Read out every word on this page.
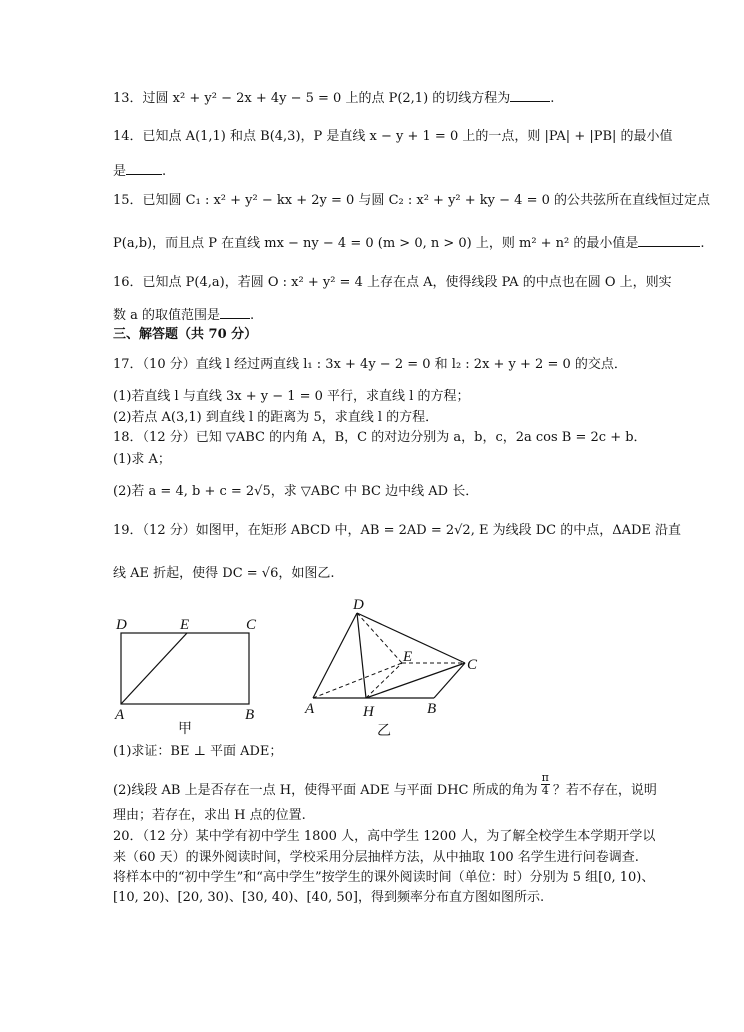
13．过圆 x² + y² − 2x + 4y − 5 = 0 上的点 P(2,1) 的切线方程为	.
14．已知点 A(1,1) 和点 B(4,3)，P 是直线 x − y + 1 = 0 上的一点，则 |PA| + |PB| 的最小值
是	.
15．已知圆 C₁ : x² + y² − kx + 2y = 0 与圆 C₂ : x² + y² + ky − 4 = 0 的公共弦所在直线恒过定点
P(a,b)，而且点 P 在直线 mx − ny − 4 = 0 (m > 0, n > 0) 上，则 m² + n² 的最小值是	.
16．已知点 P(4,a)，若圆 O : x² + y² = 4 上存在点 A，使得线段 PA 的中点也在圆 O 上，则实
数 a 的取值范围是 .
三、解答题（共 70 分）
17．（10 分）直线 l 经过两直线 l₁ : 3x + 4y − 2 = 0 和 l₂ : 2x + y + 2 = 0 的交点．
(1)若直线 l 与直线 3x + y − 1 = 0 平行，求直线 l 的方程；
(2)若点 A(3,1) 到直线 l 的距离为 5，求直线 l 的方程．
18．（12 分）已知 ▽ABC 的内角 A，B，C 的对边分别为 a，b，c，2a cos B = 2c + b．
(1)求 A；
(2)若 a = 4, b + c = 2√5，求 ▽ABC 中 BC 边中线 AD 长．
19．（12 分）如图甲，在矩形 ABCD 中，AB = 2AD = 2√2, E 为线段 DC 的中点，ΔADE 沿直
线 AE 折起，使得 DC = √6，如图乙.
D	E	C
A	B
甲
D
E	C
A	H	B
乙
(1)求证：BE ⊥ 平面 ADE；
(2)线段 AB 上是否存在一点 H，使得平面 ADE 与平面 DHC 所成的角为 $\frac{\pi}{4}$ ？若不存在，说明
理由；若存在，求出 H 点的位置.
20．（12 分）某中学有初中学生 1800 人，高中学生 1200 人，为了解全校学生本学期开学以
来（60 天）的课外阅读时间，学校采用分层抽样方法，从中抽取 100 名学生进行问卷调查.
将样本中的“初中学生”和“高中学生”按学生的课外阅读时间（单位：时）分别为 5 组[0, 10)、
[10, 20)、[20, 30)、[30, 40)、[40, 50]，得到频率分布直方图如图所示.
